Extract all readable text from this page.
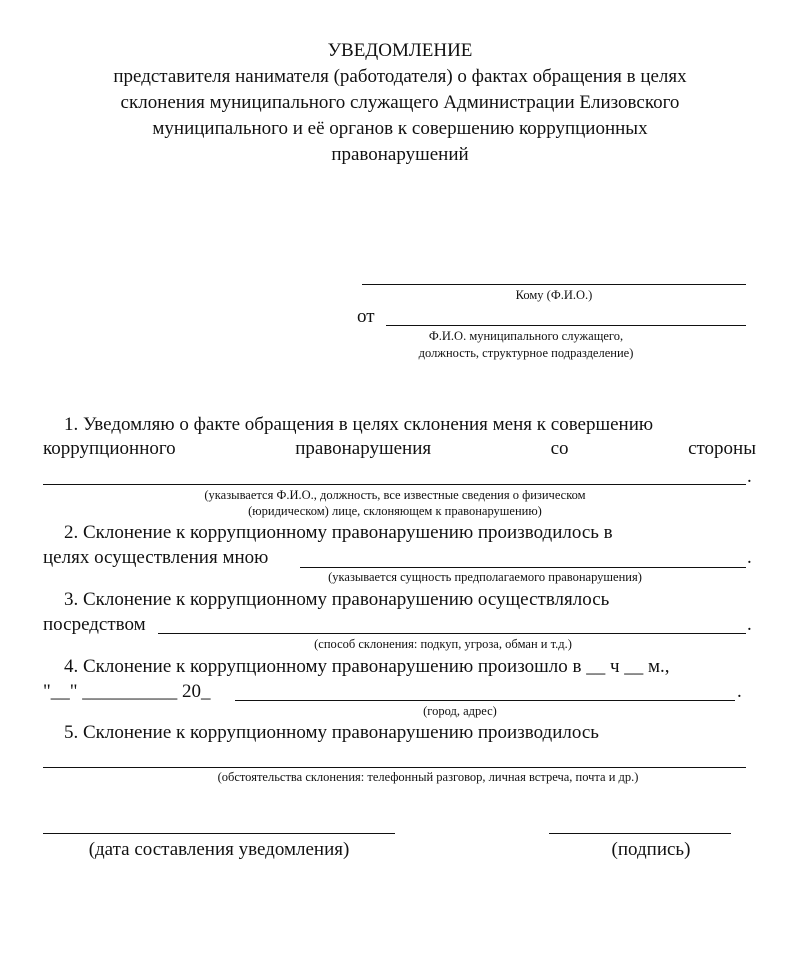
УВЕДОМЛЕНИЕ
представителя нанимателя (работодателя) о фактах обращения в целях
склонения муниципального служащего Администрации Елизовского
муниципального и её органов к совершению коррупционных
правонарушений
Кому (Ф.И.О.)
от
Ф.И.О. муниципального служащего,
должность, структурное подразделение)
1. Уведомляю о факте обращения в целях склонения меня к совершению
коррупционного	правонарушения	со	стороны
.
(указывается Ф.И.О., должность, все известные сведения о физическом
(юридическом) лице, склоняющем к правонарушению)
2. Склонение к коррупционному правонарушению производилось в
целях осуществления мною	.
(указывается сущность предполагаемого правонарушения)
3. Склонение к коррупционному правонарушению осуществлялось
посредством	.
(способ склонения: подкуп, угроза, обман и т.д.)
4. Склонение к коррупционному правонарушению произошло в __ ч __ м.,
"__" __________ 20_	.
(город, адрес)
5. Склонение к коррупционному правонарушению производилось
(обстоятельства склонения: телефонный разговор, личная встреча, почта и др.)
(дата составления уведомления)	(подпись)
